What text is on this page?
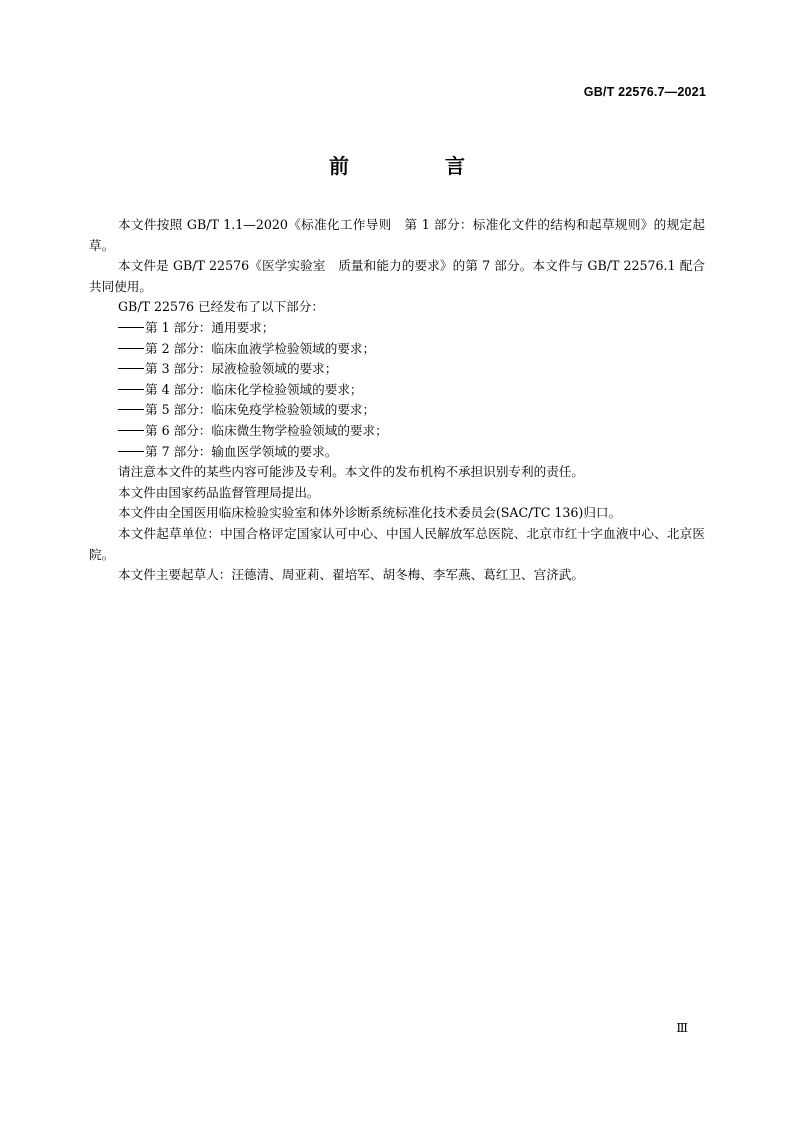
GB/T 22576.7—2021
前　言

本文件按照 GB/T 1.1—2020《标准化工作导则　第 1 部分：标准化文件的结构和起草规则》的规定起草。

本文件是 GB/T 22576《医学实验室　质量和能力的要求》的第 7 部分。本文件与 GB/T 22576.1 配合共同使用。

GB/T 22576 已经发布了以下部分：

第 1 部分：通用要求；
第 2 部分：临床血液学检验领域的要求；
第 3 部分：尿液检验领域的要求；
第 4 部分：临床化学检验领域的要求；
第 5 部分：临床免疫学检验领域的要求；
第 6 部分：临床微生物学检验领域的要求；
第 7 部分：输血医学领域的要求。

请注意本文件的某些内容可能涉及专利。本文件的发布机构不承担识别专利的责任。

本文件由国家药品监督管理局提出。

本文件由全国医用临床检验实验室和体外诊断系统标准化技术委员会(SAC/TC 136)归口。

本文件起草单位：中国合格评定国家认可中心、中国人民解放军总医院、北京市红十字血液中心、北京医院。

本文件主要起草人：汪德清、周亚莉、翟培军、胡冬梅、李军燕、葛红卫、宫济武。

Ⅲ
